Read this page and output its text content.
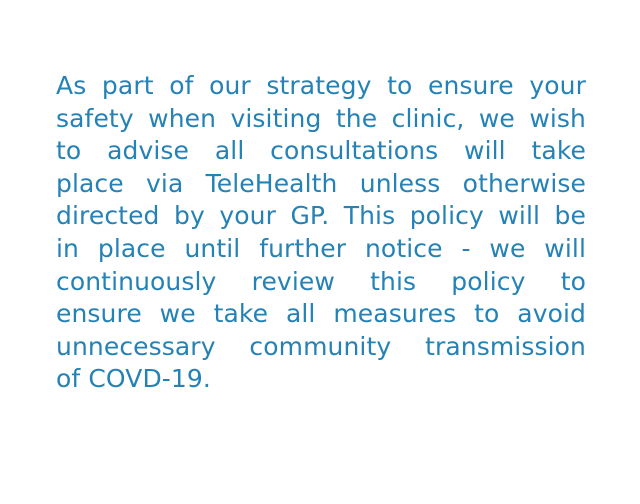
As part of our strategy to ensure your
safety when visiting the clinic, we wish
to advise all consultations will take
place via TeleHealth unless otherwise
directed by your GP. This policy will be
in place until further notice - we will
continuously review this policy to
ensure we take all measures to avoid
unnecessary community transmission
of COVD-19.
